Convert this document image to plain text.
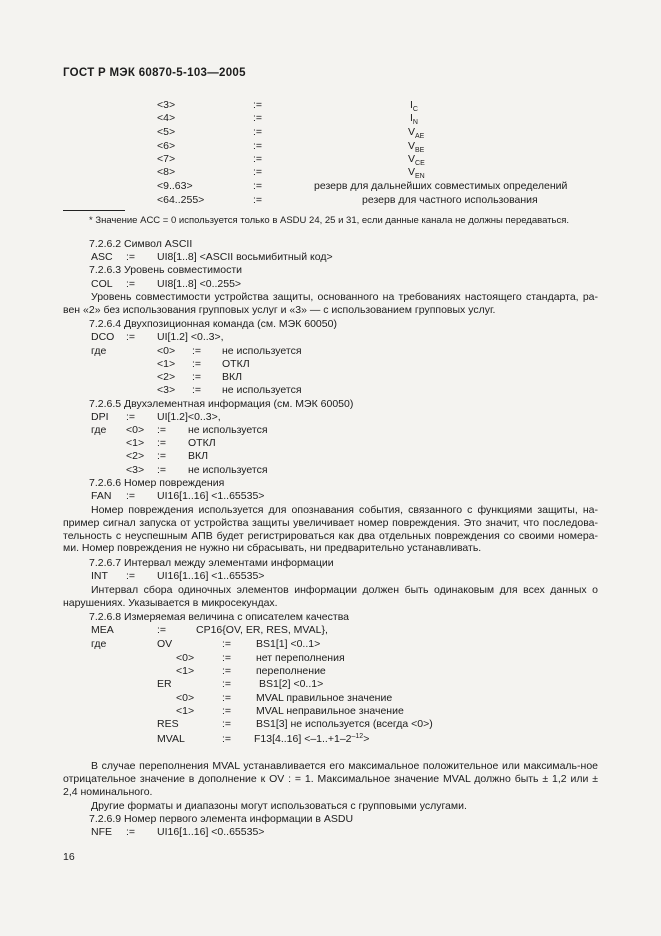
ГОСТ Р МЭК 60870-5-103—2005
<3>	:=	$I_C$
<4>	:=	$I_N$
<5>	:=	$V_{AE}$
<6>	:=	$V_{BE}$
<7>	:=	$V_{CE}$
<8>	:=	$V_{EN}$
<9..63>	:=	резерв для дальнейших совместимых определений
<64..255>	:=	резерв для частного использования
* Значение ACC = 0 используется только в ASDU 24, 25 и 31, если данные канала не должны передаваться.
7.2.6.2 Символ ASCII
ASC := UI8[1..8] <ASCII восьмибитный код>
7.2.6.3 Уровень совместимости
COL := UI8[1..8] <0..255>
Уровень совместимости устройства защиты, основанного на требованиях настоящего стандарта, ра-вен «2» без использования групповых услуг и «3» — с использованием групповых услуг.
7.2.6.4 Двухпозиционная команда (см. МЭК 60050)
DCO := UI[1.2] <0..3>,
где	<0> := не используется
<1> := ОТКЛ
<2> := ВКЛ
<3> := не используется
7.2.6.5 Двухэлементная информация (см. МЭК 60050)
DPI := UI[1.2]<0..3>,
где <0> := не используется
<1> := ОТКЛ
<2> := ВКЛ
<3> := не используется
7.2.6.6 Номер повреждения
FAN := UI16[1..16] <1..65535>
Номер повреждения используется для опознавания события, связанного с функциями защиты, на-пример сигнал запуска от устройства защиты увеличивает номер повреждения. Это значит, что последова-тельность с неуспешным АПВ будет регистрироваться как два отдельных повреждения со своими номера-ми. Номер повреждения не нужно ни сбрасывать, ни предварительно устанавливать.
7.2.6.7 Интервал между элементами информации
INT := UI16[1..16] <1..65535>
Интервал сбора одиночных элементов информации должен быть одинаковым для всех данных о нарушениях. Указывается в микросекундах.
7.2.6.8 Измеряемая величина с описателем качества
MEA	:=	CP16{OV, ER, RES, MVAL},
где	OV	:= BS1[1] <0..1>
<0>	:= нет переполнения
<1>	:= переполнение
ER	:=	BS1[2] <0..1>
<0>	:= MVAL правильное значение
<1>	:= MVAL неправильное значение
RES	:= BS1[3] не используется (всегда <0>)
MVAL	:= $F13[4..16] <-1..+1-2^{-12}>$
В случае переполнения MVAL устанавливается его максимальное положительное или максималь-ное отрицательное значение в дополнение к OV : = 1. Максимальное значение MVAL должно быть ± 1,2 или ± 2,4 номинального.
Другие форматы и диапазоны могут использоваться с групповыми услугами.
7.2.6.9 Номер первого элемента информации в ASDU
NFE := UI16[1..16] <0..65535>
16
